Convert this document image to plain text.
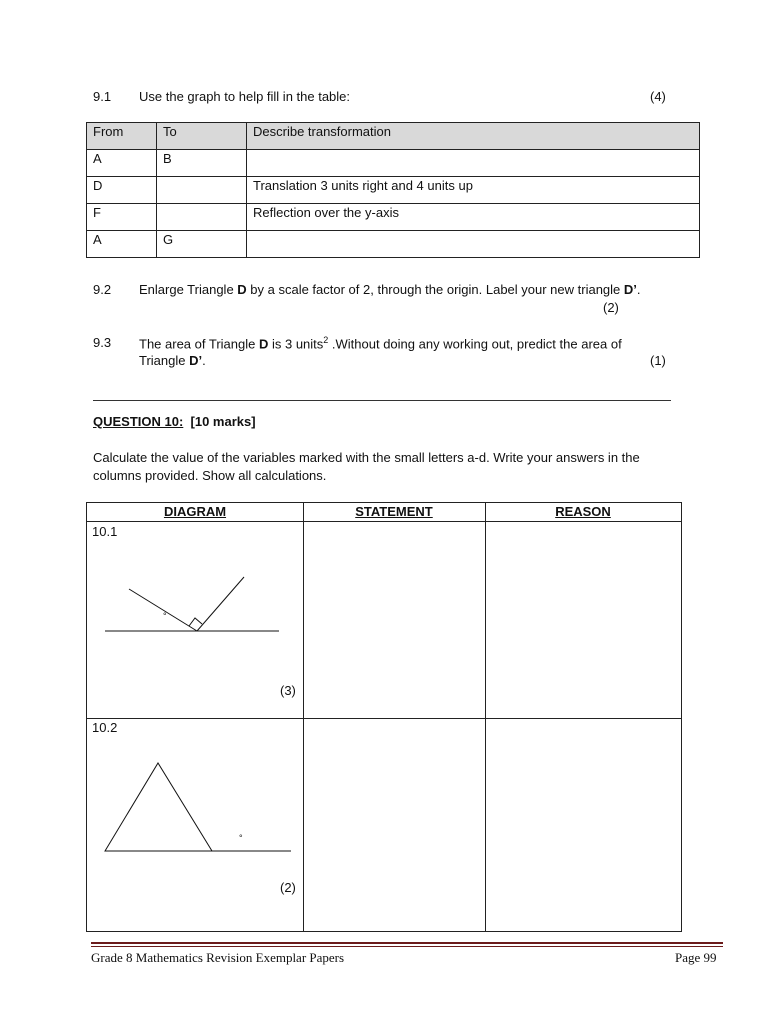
9.1 Use the graph to help fill in the table:	(4)
From	To	Describe transformation
A	B	
D		Translation 3 units right and 4 units up
F		Reflection over the y-axis
A	G	
9.2 Enlarge Triangle D by a scale factor of 2, through the origin. Label your new triangle D’.
(2)
9.3 The area of Triangle D is 3 units$^2$ .Without doing any working out, predict the area of
Triangle D’.	(1)
QUESTION 10: [10 marks]
Calculate the value of the variables marked with the small letters a-d. Write your answers in the
columns provided. Show all calculations.
DIAGRAM	STATEMENT	REASON
10.1
°
(3)
10.2
°
(2)
Grade 8 Mathematics Revision Exemplar Papers	Page 99
